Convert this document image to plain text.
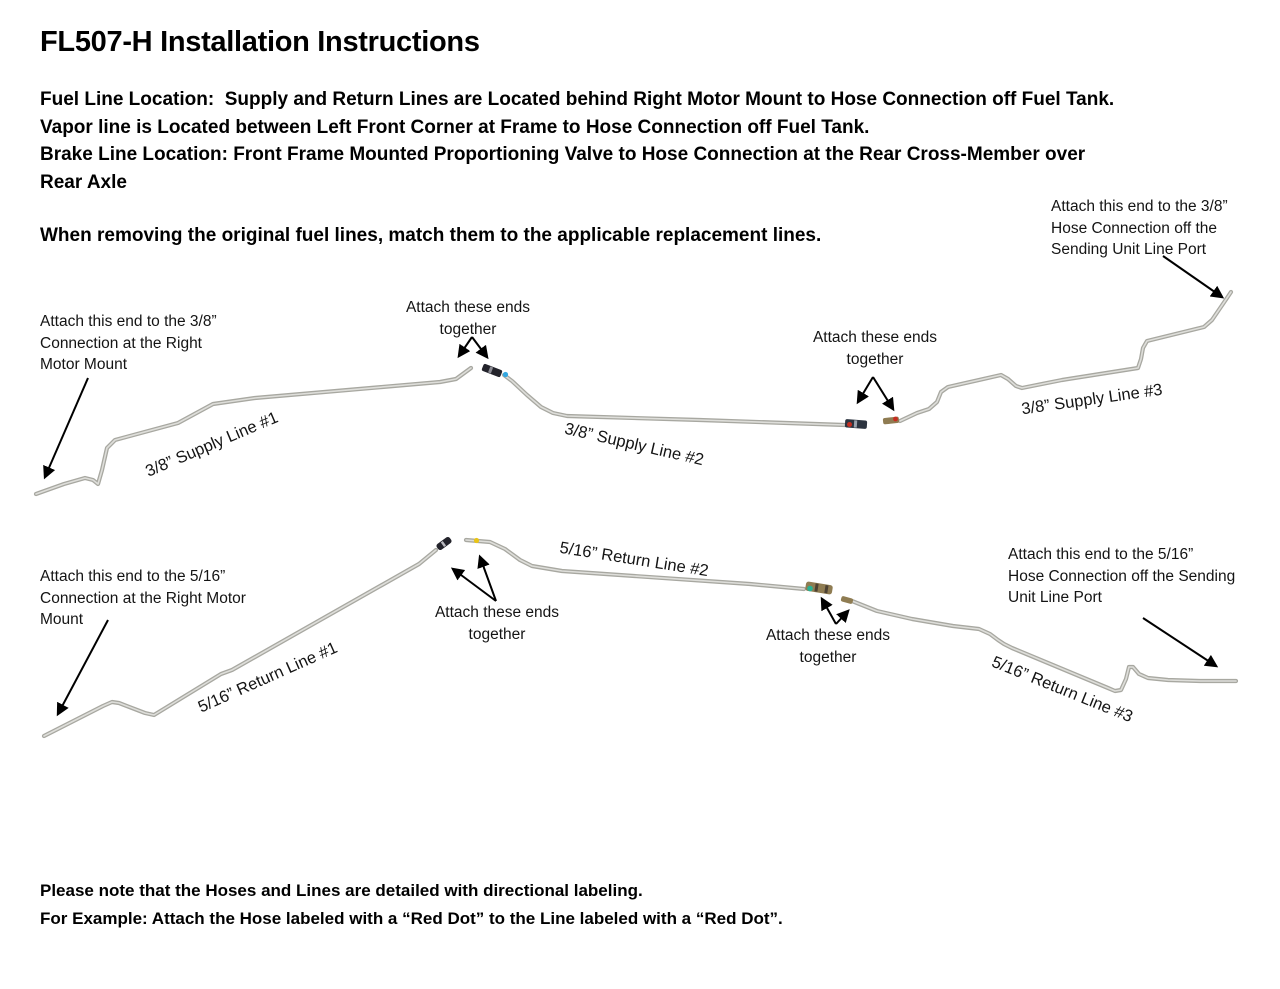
FL507-H Installation Instructions
Fuel Line Location:  Supply and Return Lines are Located behind Right Motor Mount to Hose Connection off Fuel Tank.
Vapor line is Located between Left Front Corner at Frame to Hose Connection off Fuel Tank.
Brake Line Location: Front Frame Mounted Proportioning Valve to Hose Connection at the Rear Cross-Member over
Rear Axle
When removing the original fuel lines, match them to the applicable replacement lines.
Attach this end to the 3/8”
Connection at the Right
Motor Mount
Attach these ends
together	Attach these ends
together
Attach this end to the 3/8”
Hose Connection off the
Sending Unit Line Port
Attach this end to the 5/16”
Connection at the Right Motor
Mount	Attach these ends
together	Attach these ends
together
Attach this end to the 5/16”
Hose Connection off the Sending
Unit Line Port
3/8” Supply Line #1	3/8” Supply Line #2
3/8” Supply Line #3
5/16” Return Line #1
5/16” Return Line #2
5/16” Return Line #3
Please note that the Hoses and Lines are detailed with directional labeling.
For Example: Attach the Hose labeled with a “Red Dot” to the Line labeled with a “Red Dot”.
